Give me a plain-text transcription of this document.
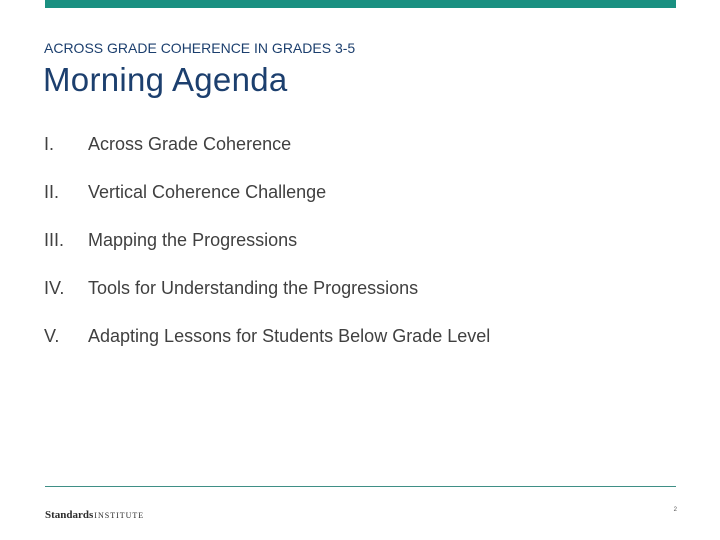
ACROSS GRADE COHERENCE IN GRADES 3-5
Morning Agenda
I.	Across Grade Coherence
II.	Vertical Coherence Challenge
III.	Mapping the Progressions
IV.	Tools for Understanding the Progressions
V.	Adapting Lessons for Students Below Grade Level
StandardsINSTITUTE
2
